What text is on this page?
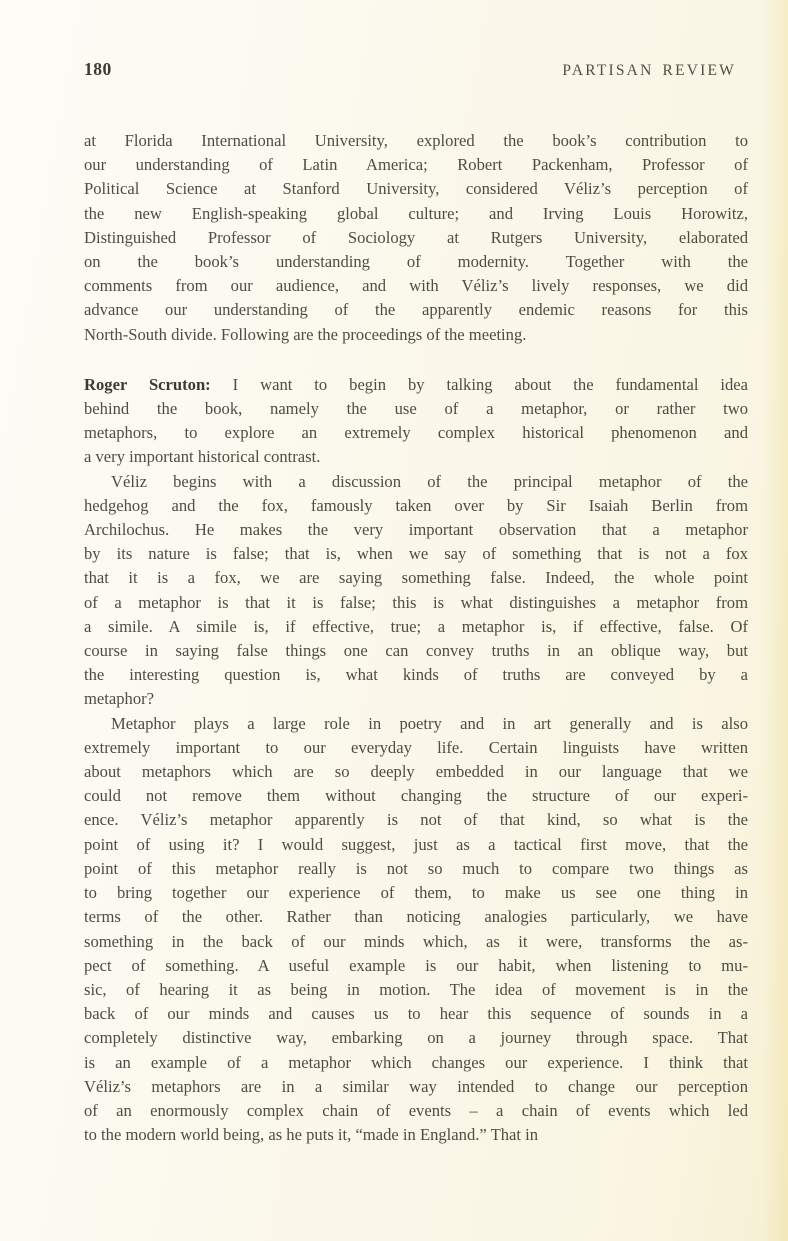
180	PARTISAN REVIEW
at Florida International University, explored the book’s contribution to
our understanding of Latin America; Robert Packenham, Professor of
Political Science at Stanford University, considered Véliz’s perception of
the new English-speaking global culture; and Irving Louis Horowitz,
Distinguished Professor of Sociology at Rutgers University, elaborated
on the book’s understanding of modernity. Together with the
comments from our audience, and with Véliz’s lively responses, we did
advance our understanding of the apparently endemic reasons for this
North-South divide. Following are the proceedings of the meeting.
Roger Scruton: I want to begin by talking about the fundamental idea
behind the book, namely the use of a metaphor, or rather two
metaphors, to explore an extremely complex historical phenomenon and
a very important historical contrast.
Véliz begins with a discussion of the principal metaphor of the
hedgehog and the fox, famously taken over by Sir Isaiah Berlin from
Archilochus. He makes the very important observation that a metaphor
by its nature is false; that is, when we say of something that is not a fox
that it is a fox, we are saying something false. Indeed, the whole point
of a metaphor is that it is false; this is what distinguishes a metaphor from
a simile. A simile is, if effective, true; a metaphor is, if effective, false. Of
course in saying false things one can convey truths in an oblique way, but
the interesting question is, what kinds of truths are conveyed by a
metaphor?
Metaphor plays a large role in poetry and in art generally and is also
extremely important to our everyday life. Certain linguists have written
about metaphors which are so deeply embedded in our language that we
could not remove them without changing the structure of our experi-
ence. Véliz’s metaphor apparently is not of that kind, so what is the
point of using it? I would suggest, just as a tactical first move, that the
point of this metaphor really is not so much to compare two things as
to bring together our experience of them, to make us see one thing in
terms of the other. Rather than noticing analogies particularly, we have
something in the back of our minds which, as it were, transforms the as-
pect of something. A useful example is our habit, when listening to mu-
sic, of hearing it as being in motion. The idea of movement is in the
back of our minds and causes us to hear this sequence of sounds in a
completely distinctive way, embarking on a journey through space. That
is an example of a metaphor which changes our experience. I think that
Véliz’s metaphors are in a similar way intended to change our perception
of an enormously complex chain of events – a chain of events which led
to the modern world being, as he puts it, “made in England.” That in
